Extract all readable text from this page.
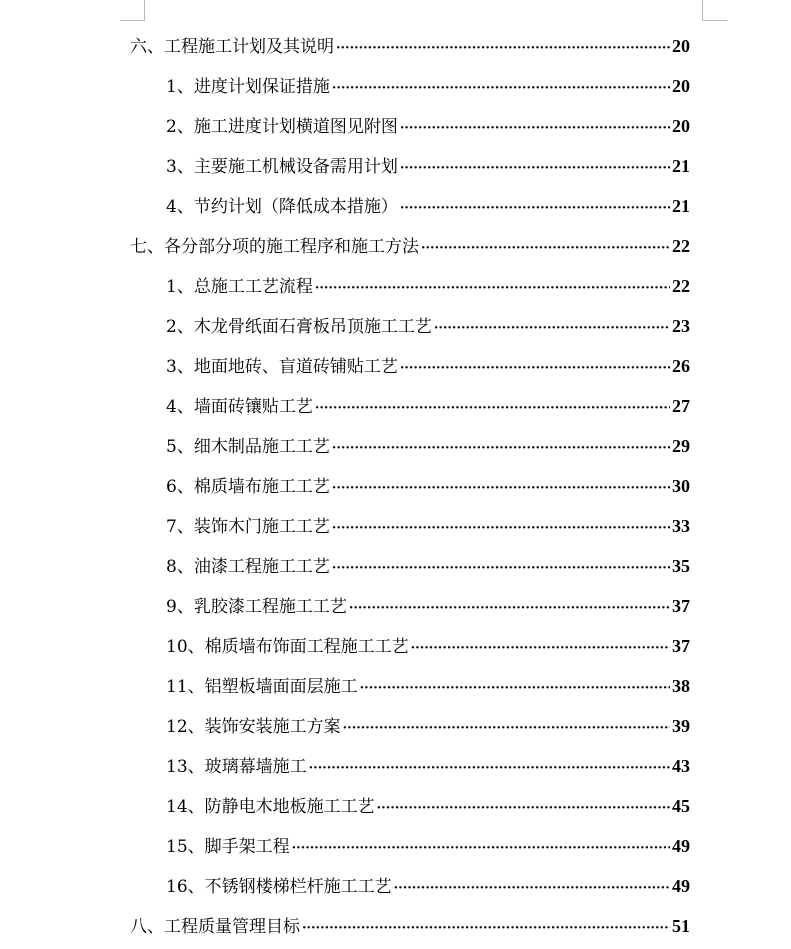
六、工程施工计划及其说明 ·····	20
1、进度计划保证措施 ·····	20
2、施工进度计划横道图见附图 ·····	20
3、主要施工机械设备需用计划 ·····	21
4、节约计划（降低成本措施） ·····	21
七、各分部分项的施工程序和施工方法 ·····	22
1、总施工工艺流程 ·····	22
2、木龙骨纸面石膏板吊顶施工工艺 ·····	23
3、地面地砖、盲道砖铺贴工艺 ·····	26
4、墙面砖镶贴工艺 ·····	27
5、细木制品施工工艺 ·····	29
6、棉质墙布施工工艺 ·····	30
7、装饰木门施工工艺 ·····	33
8、油漆工程施工工艺 ·····	35
9、乳胶漆工程施工工艺 ·····	37
10、棉质墙布饰面工程施工工艺 ·····	37
11、铝塑板墙面面层施工 ·····	38
12、装饰安装施工方案 ·····	39
13、玻璃幕墙施工 ·····	43
14、防静电木地板施工工艺 ·····	45
15、脚手架工程 ·····	49
16、不锈钢楼梯栏杆施工工艺 ·····	49
八、工程质量管理目标 ·····	51
